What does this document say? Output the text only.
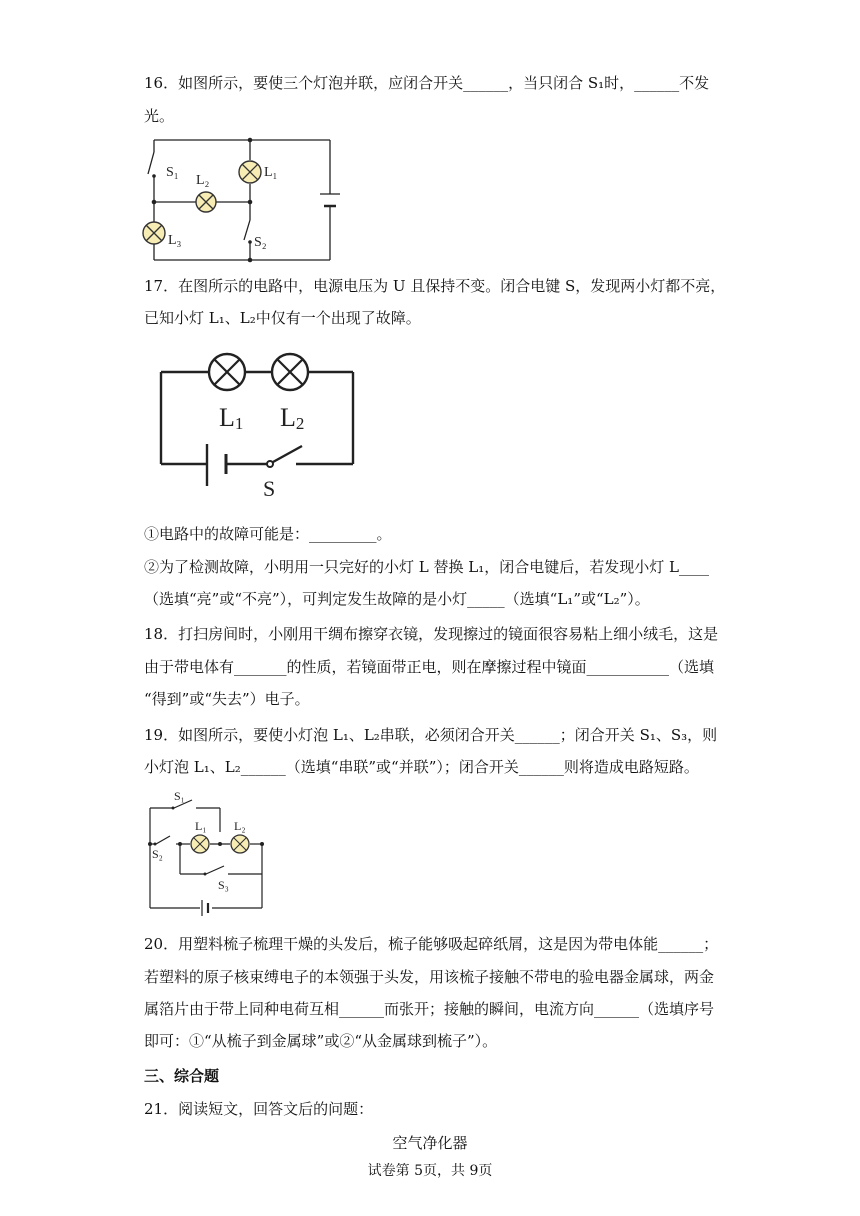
16．如图所示，要使三个灯泡并联，应闭合开关______，当只闭合 S₁时，______不发
光。
S₁
L₂
L₁
L₃	S₂
17．在图所示的电路中，电源电压为 U 且保持不变。闭合电键 S，发现两小灯都不亮，
已知小灯 L₁、L₂中仅有一个出现了故障。
L1 L2
S
①电路中的故障可能是：_________。
②为了检测故障，小明用一只完好的小灯 L 替换 L₁，闭合电键后，若发现小灯 L____
（选填“亮”或“不亮”），可判定发生故障的是小灯_____（选填“L₁”或“L₂”）。
18．打扫房间时，小刚用干绸布擦穿衣镜，发现擦过的镜面很容易粘上细小绒毛，这是
由于带电体有_______的性质，若镜面带正电，则在摩擦过程中镜面___________（选填
“得到”或“失去”）电子。
19．如图所示，要使小灯泡 L₁、L₂串联，必须闭合开关______；闭合开关 S₁、S₃，则
小灯泡 L₁、L₂______（选填“串联”或“并联”）；闭合开关______则将造成电路短路。
S₁
S₂
L₁ L₂
S₃
20．用塑料梳子梳理干燥的头发后，梳子能够吸起碎纸屑，这是因为带电体能______；
若塑料的原子核束缚电子的本领强于头发，用该梳子接触不带电的验电器金属球，两金
属箔片由于带上同种电荷互相______而张开；接触的瞬间，电流方向______（选填序号
即可：①“从梳子到金属球”或②“从金属球到梳子”）。
三、综合题
21．阅读短文，回答文后的问题：
空气净化器
试卷第 5页，共 9页
